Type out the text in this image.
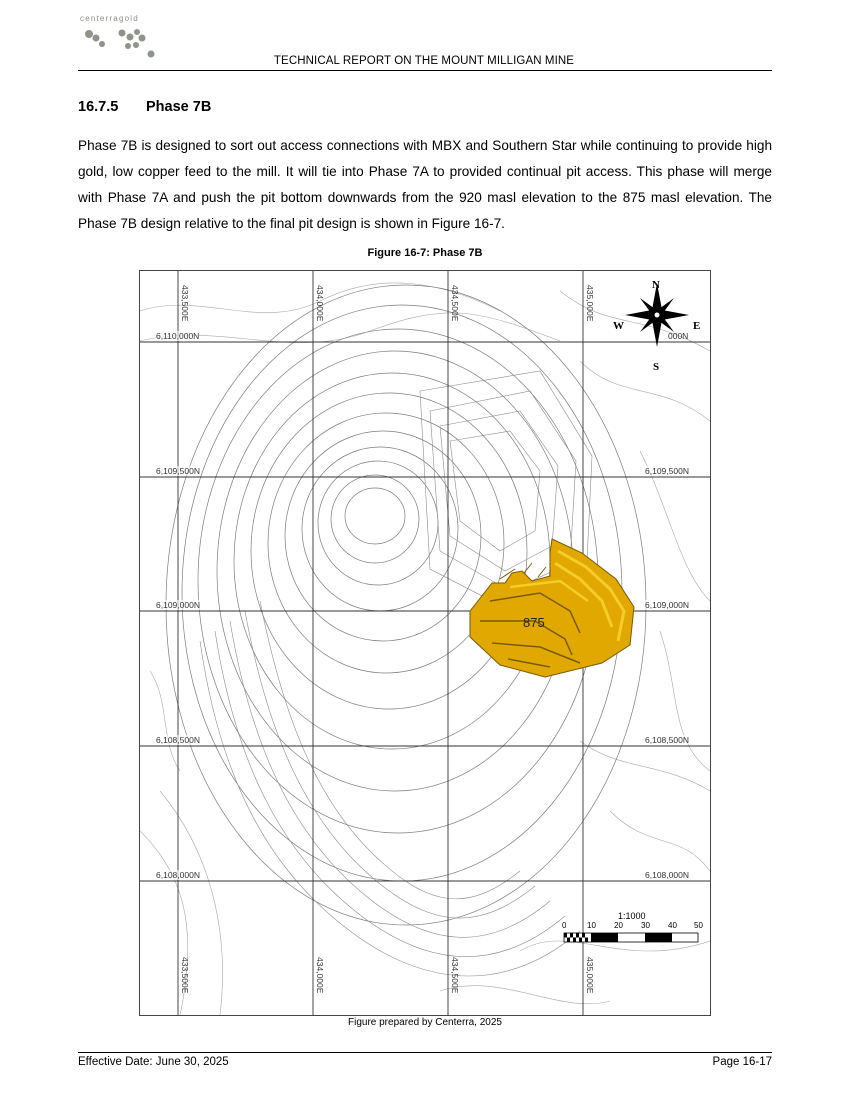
centerragold
TECHNICAL REPORT ON THE MOUNT MILLIGAN MINE
16.7.5 Phase 7B

Phase 7B is designed to sort out access connections with MBX and Southern Star while continuing to provide high gold, low copper feed to the mill. It will tie into Phase 7A to provided continual pit access. This phase will merge with Phase 7A and push the pit bottom downwards from the 920 masl elevation to the 875 masl elevation. The Phase 7B design relative to the final pit design is shown in Figure 16-7.

Figure 16-7: Phase 7B
6,110,000N
6,109,500N
6,109,000N
6,108,500N
6,108,000N
000N
6,109,500N
6,109,000N
6,108,500N
6,108,000N
433,500E	434,000E	434,500E	435,000E
433,500E	434,000E	434,500E	435,000E
875
N
S
W	E
1:1000
0	10 20 30 40 50
Figure prepared by Centerra, 2025
Effective Date: June 30, 2025	Page 16-17
